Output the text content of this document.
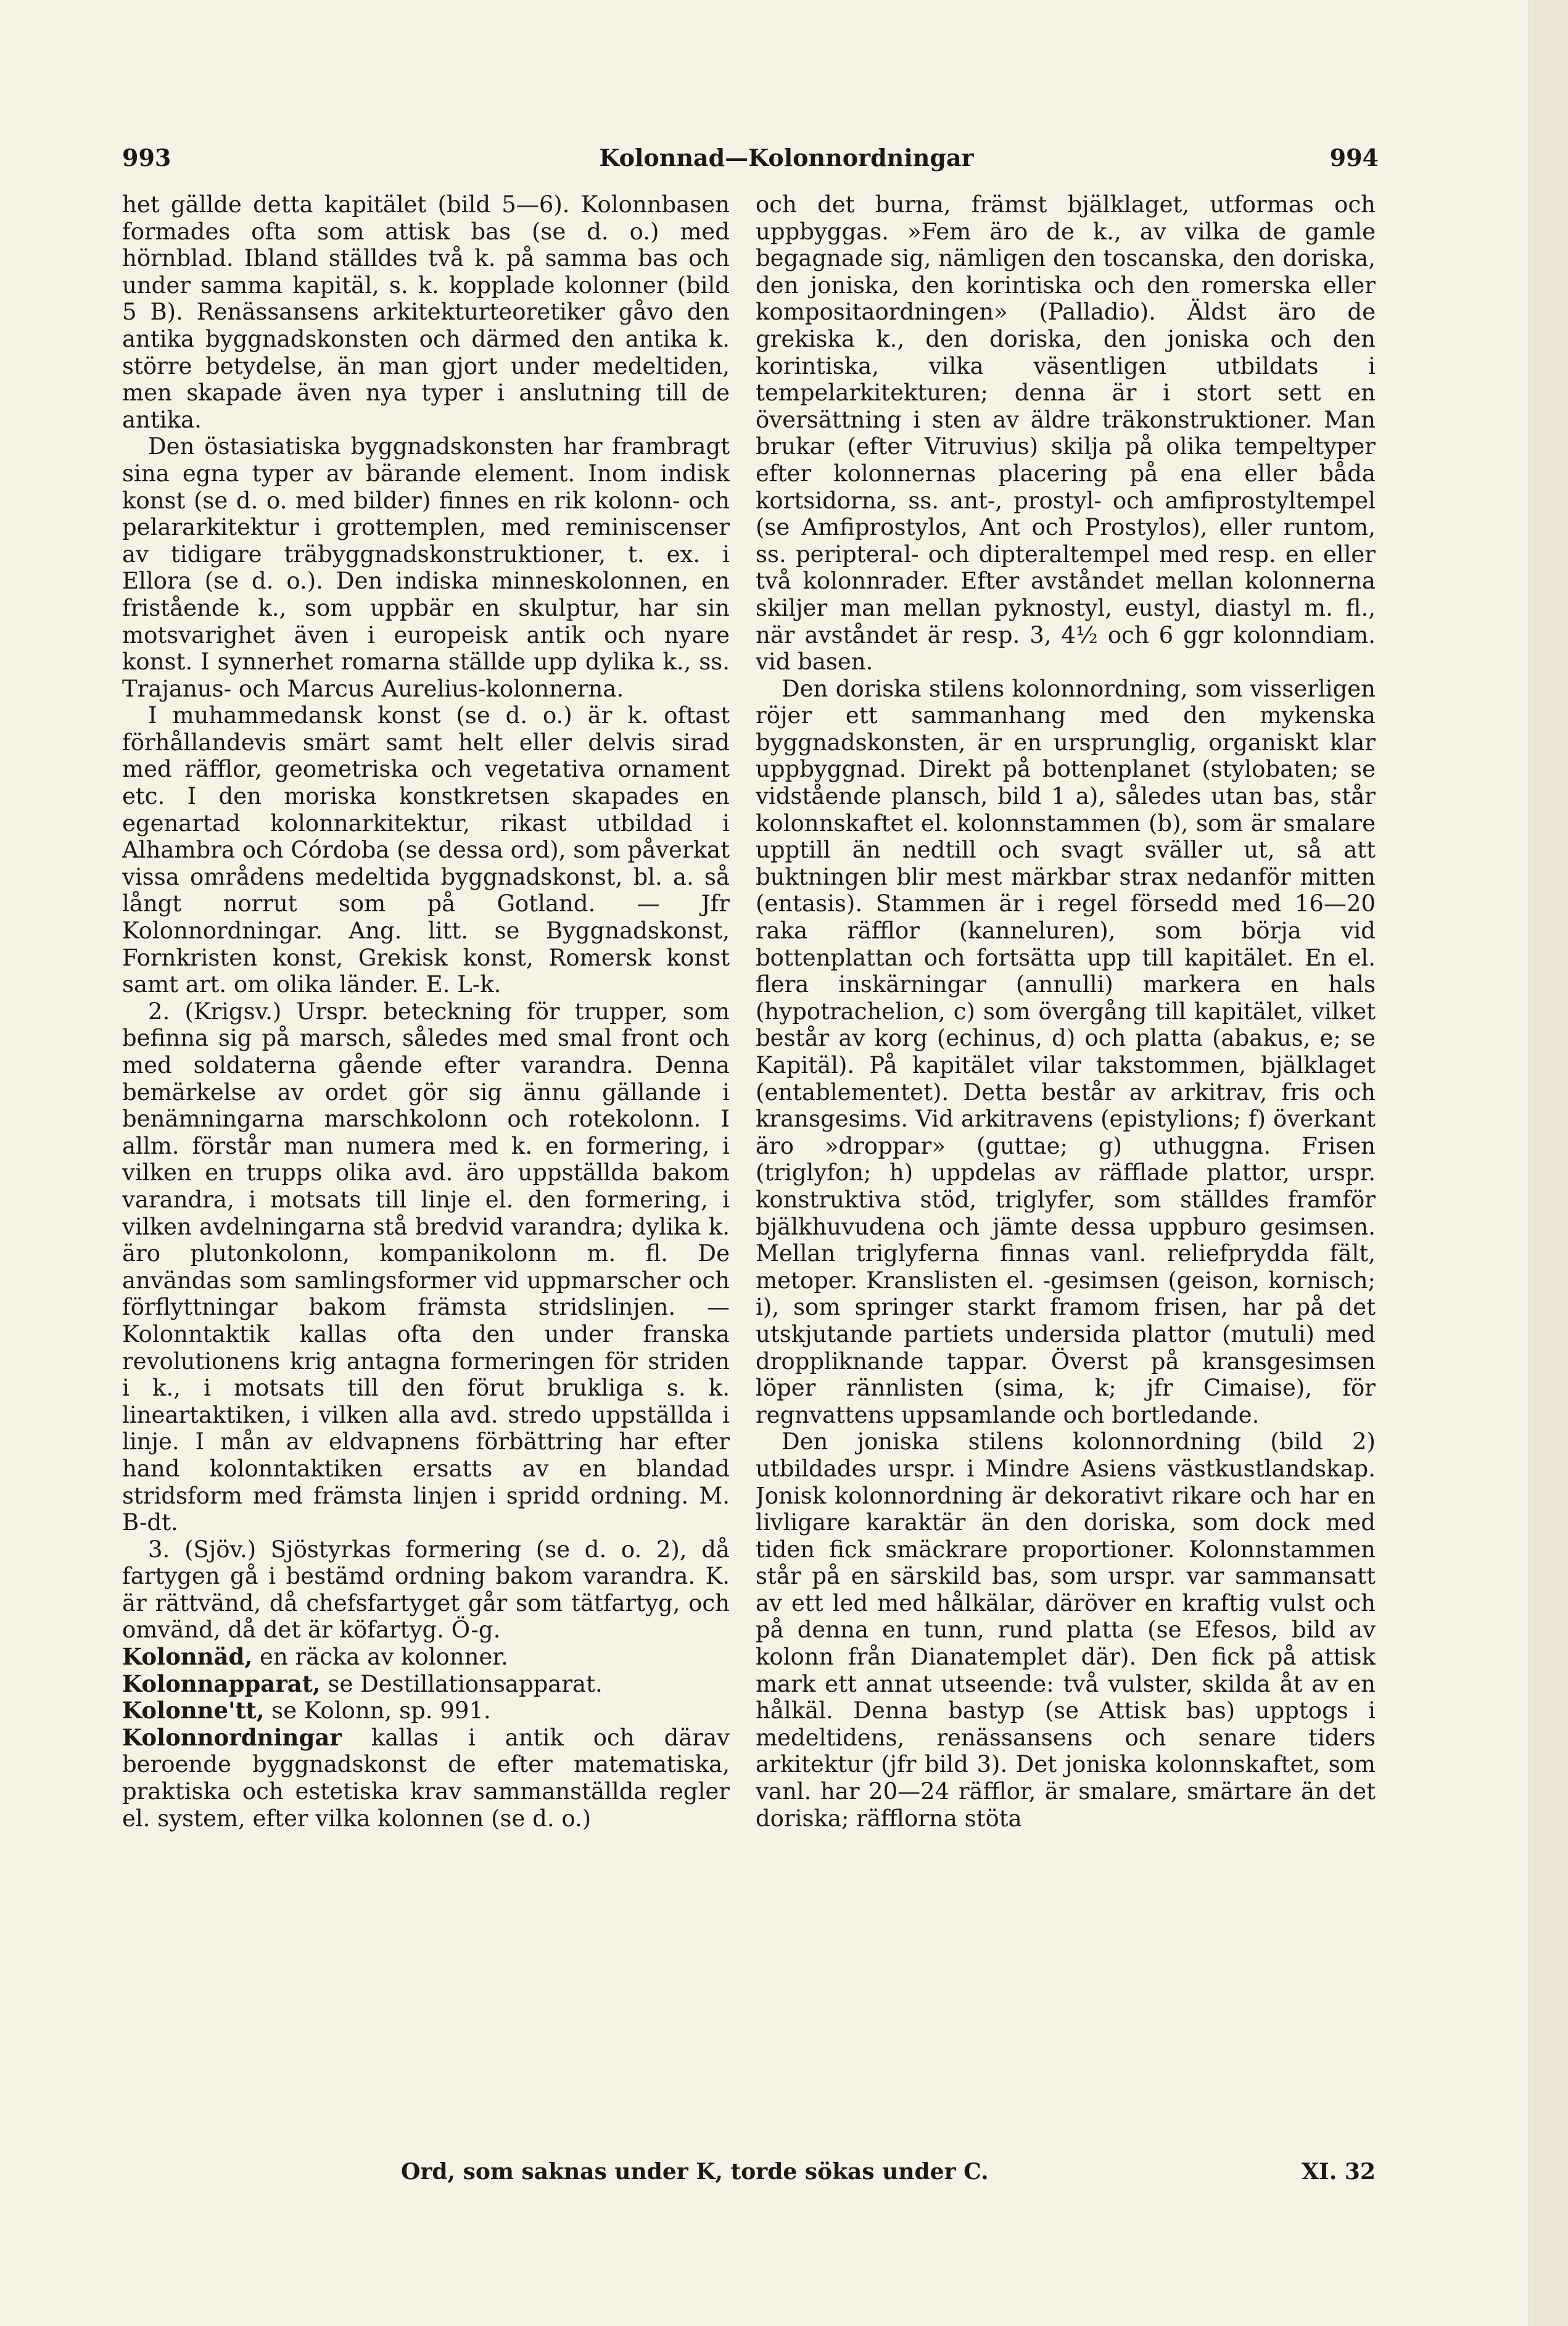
993	Kolonnad—Kolonnordningar	994

het gällde detta kapitälet (bild 5—6). Kolonnbasen formades ofta som attisk bas (se d. o.) med hörnblad. Ibland ställdes två k. på samma bas och under samma kapitäl, s. k. kopplade kolonner (bild 5 B). Renässansens arkitekturteoretiker gåvo den antika byggnadskonsten och därmed den antika k. större betydelse, än man gjort under medeltiden, men skapade även nya typer i anslutning till de antika.

Den östasiatiska byggnadskonsten har frambragt sina egna typer av bärande element. Inom indisk konst (se d. o. med bilder) finnes en rik kolonn- och pelararkitektur i grottemplen, med reminiscenser av tidigare träbyggnadskonstruktioner, t. ex. i Ellora (se d. o.). Den indiska minneskolonnen, en fristående k., som uppbär en skulptur, har sin motsvarighet även i europeisk antik och nyare konst. I synnerhet romarna ställde upp dylika k., ss. Trajanus- och Marcus Aurelius-kolonnerna.

I muhammedansk konst (se d. o.) är k. oftast förhållandevis smärt samt helt eller delvis sirad med räfflor, geometriska och vegetativa ornament etc. I den moriska konstkretsen skapades en egenartad kolonnarkitektur, rikast utbildad i Alhambra och Córdoba (se dessa ord), som påverkat vissa områdens medeltida byggnadskonst, bl. a. så långt norrut som på Gotland. — Jfr Kolonnordningar. Ang. litt. se Byggnadskonst, Fornkristen konst, Grekisk konst, Romersk konst samt art. om olika länder. E. L-k.

2. (Krigsv.) Urspr. beteckning för trupper, som befinna sig på marsch, således med smal front och med soldaterna gående efter varandra. Denna bemärkelse av ordet gör sig ännu gällande i benämningarna marschkolonn och rotekolonn. I allm. förstår man numera med k. en formering, i vilken en trupps olika avd. äro uppställda bakom varandra, i motsats till linje el. den formering, i vilken avdelningarna stå bredvid varandra; dylika k. äro plutonkolonn, kompanikolonn m. fl. De användas som samlingsformer vid uppmarscher och förflyttningar bakom främsta stridslinjen. — Kolonntaktik kallas ofta den under franska revolutionens krig antagna formeringen för striden i k., i motsats till den förut brukliga s. k. lineartaktiken, i vilken alla avd. stredo uppställda i linje. I mån av eldvapnens förbättring har efter hand kolonntaktiken ersatts av en blandad stridsform med främsta linjen i spridd ordning. M. B-dt.

3. (Sjöv.) Sjöstyrkas formering (se d. o. 2), då fartygen gå i bestämd ordning bakom varandra. K. är rättvänd, då chefsfartyget går som tätfartyg, och omvänd, då det är köfartyg. Ö-g.

Kolonnäd, en räcka av kolonner.

Kolonnapparat, se Destillationsapparat.

Kolonne'tt, se Kolonn, sp. 991.

Kolonnordningar kallas i antik och därav beroende byggnadskonst de efter matematiska, praktiska och estetiska krav sammanställda regler el. system, efter vilka kolonnen (se d. o.)

och det burna, främst bjälklaget, utformas och uppbyggas. »Fem äro de k., av vilka de gamle begagnade sig, nämligen den toscanska, den doriska, den joniska, den korintiska och den romerska eller kompositaordningen» (Palladio). Äldst äro de grekiska k., den doriska, den joniska och den korintiska, vilka väsentligen utbildats i tempelarkitekturen; denna är i stort sett en översättning i sten av äldre träkonstruktioner. Man brukar (efter Vitruvius) skilja på olika tempeltyper efter kolonnernas placering på ena eller båda kortsidorna, ss. ant-, prostyl- och amfiprostyltempel (se Amfiprostylos, Ant och Prostylos), eller runtom, ss. peripteral- och dipteraltempel med resp. en eller två kolonnrader. Efter avståndet mellan kolonnerna skiljer man mellan pyknostyl, eustyl, diastyl m. fl., när avståndet är resp. 3, 4½ och 6 ggr kolonndiam. vid basen.

Den doriska stilens kolonnordning, som visserligen röjer ett sammanhang med den mykenska byggnadskonsten, är en ursprunglig, organiskt klar uppbyggnad. Direkt på bottenplanet (stylobaten; se vidstående plansch, bild 1 a), således utan bas, står kolonnskaftet el. kolonnstammen (b), som är smalare upptill än nedtill och svagt sväller ut, så att buktningen blir mest märkbar strax nedanför mitten (entasis). Stammen är i regel försedd med 16—20 raka räfflor (kanneluren), som börja vid bottenplattan och fortsätta upp till kapitälet. En el. flera inskärningar (annulli) markera en hals (hypotrachelion, c) som övergång till kapitälet, vilket består av korg (echinus, d) och platta (abakus, e; se Kapitäl). På kapitälet vilar takstommen, bjälklaget (entablementet). Detta består av arkitrav, fris och kransgesims. Vid arkitravens (epistylions; f) överkant äro »droppar» (guttae; g) uthuggna. Frisen (triglyfon; h) uppdelas av räfflade plattor, urspr. konstruktiva stöd, triglyfer, som ställdes framför bjälkhuvudena och jämte dessa uppburo gesimsen. Mellan triglyferna finnas vanl. reliefprydda fält, metoper. Kranslisten el. -gesimsen (geison, kornisch; i), som springer starkt framom frisen, har på det utskjutande partiets undersida plattor (mutuli) med droppliknande tappar. Överst på kransgesimsen löper rännlisten (sima, k; jfr Cimaise), för regnvattens uppsamlande och bortledande.

Den joniska stilens kolonnordning (bild 2) utbildades urspr. i Mindre Asiens västkustlandskap. Jonisk kolonnordning är dekorativt rikare och har en livligare karaktär än den doriska, som dock med tiden fick smäckrare proportioner. Kolonnstammen står på en särskild bas, som urspr. var sammansatt av ett led med hålkälar, däröver en kraftig vulst och på denna en tunn, rund platta (se Efesos, bild av kolonn från Dianatemplet där). Den fick på attisk mark ett annat utseende: två vulster, skilda åt av en hålkäl. Denna bastyp (se Attisk bas) upptogs i medeltidens, renässansens och senare tiders arkitektur (jfr bild 3). Det joniska kolonnskaftet, som vanl. har 20—24 räfflor, är smalare, smärtare än det doriska; räfflorna stöta

Ord, som saknas under K, torde sökas under C.	XI. 32
